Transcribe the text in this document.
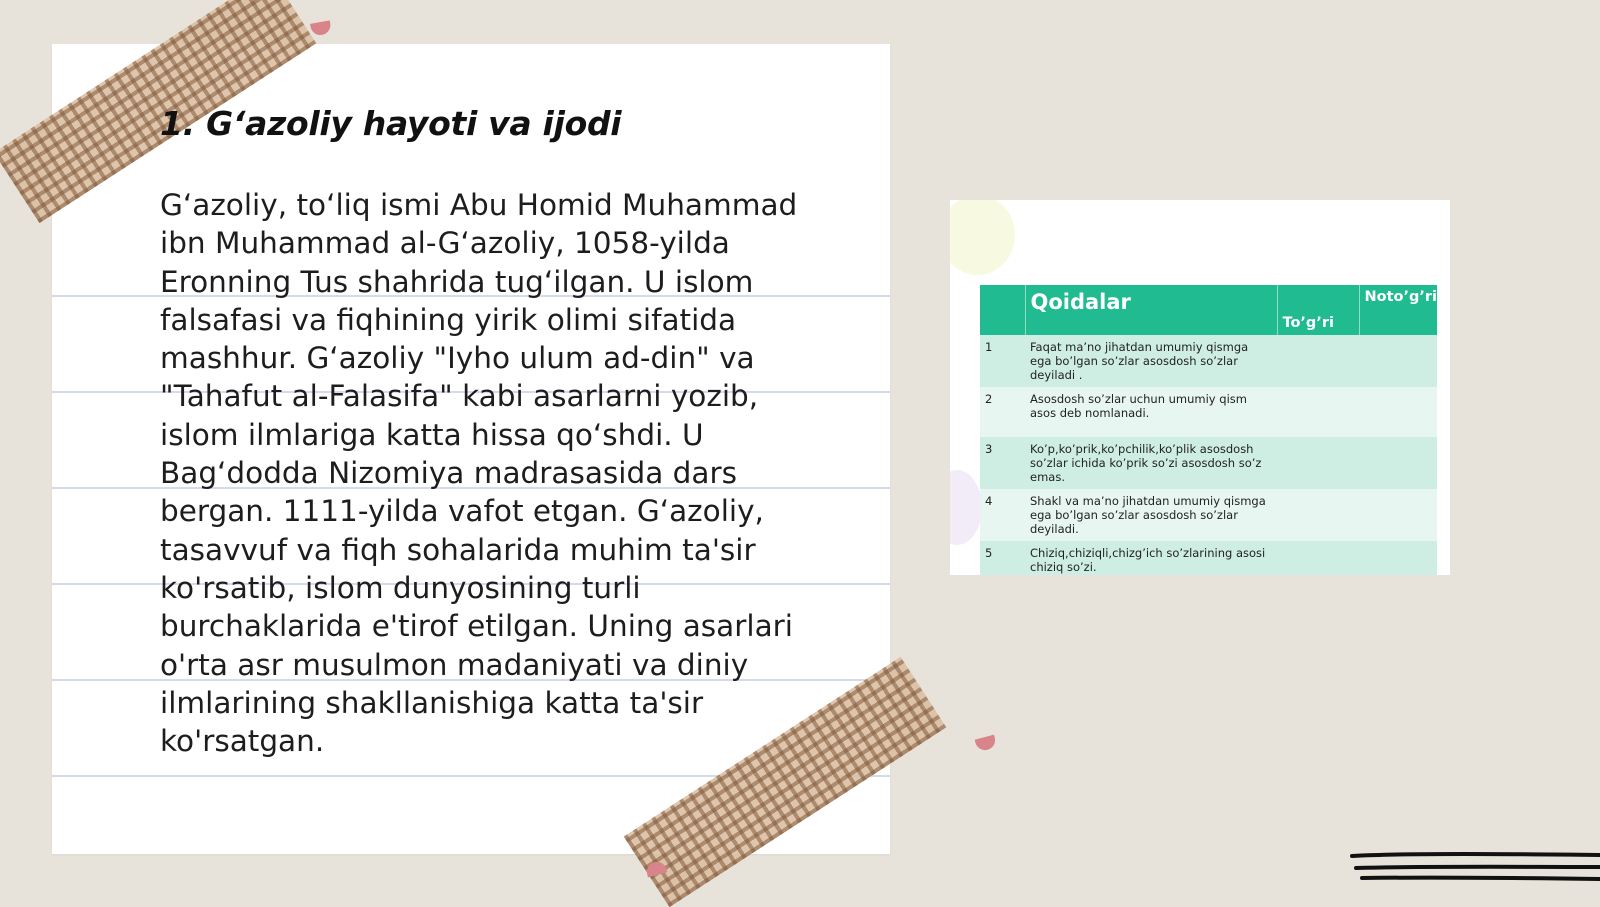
1. G‘azoliy hayoti va ijodi

G‘azoliy, to‘liq ismi Abu Homid Muhammad ibn Muhammad al-G‘azoliy, 1058-yilda Eronning Tus shahrida tug‘ilgan. U islom falsafasi va fiqhining yirik olimi sifatida mashhur. G‘azoliy "Iyho ulum ad-din" va "Tahafut al-Falasifa" kabi asarlarni yozib, islom ilmlariga katta hissa qo‘shdi. U Bag‘dodda Nizomiya madrasasida dars bergan. 1111-yilda vafot etgan. G‘azoliy, tasavvuf va fiqh sohalarida muhim ta'sir ko'rsatib, islom dunyosining turli burchaklarida e'tirof etilgan. Uning asarlari o'rta asr musulmon madaniyati va diniy ilmlarining shakllanishiga katta ta'sir ko'rsatgan.

	Qoidalar	To’g’ri	Noto’g’ri
1	Faqat ma’no jihatdan umumiy qismga ega bo’lgan so’zlar asosdosh so’zlar deyiladi .		
2	Asosdosh so’zlar uchun umumiy qism asos deb nomlanadi.		
3	Ko’p,ko’prik,ko’pchilik,ko’plik asosdosh so’zlar ichida ko’prik so’zi asosdosh so’z emas.		
4	Shakl va ma’no jihatdan umumiy qismga ega bo’lgan so’zlar asosdosh so’zlar deyiladi.		
5	Chiziq,chiziqli,chizg’ich so’zlarining asosi chiziq so’zi.		
